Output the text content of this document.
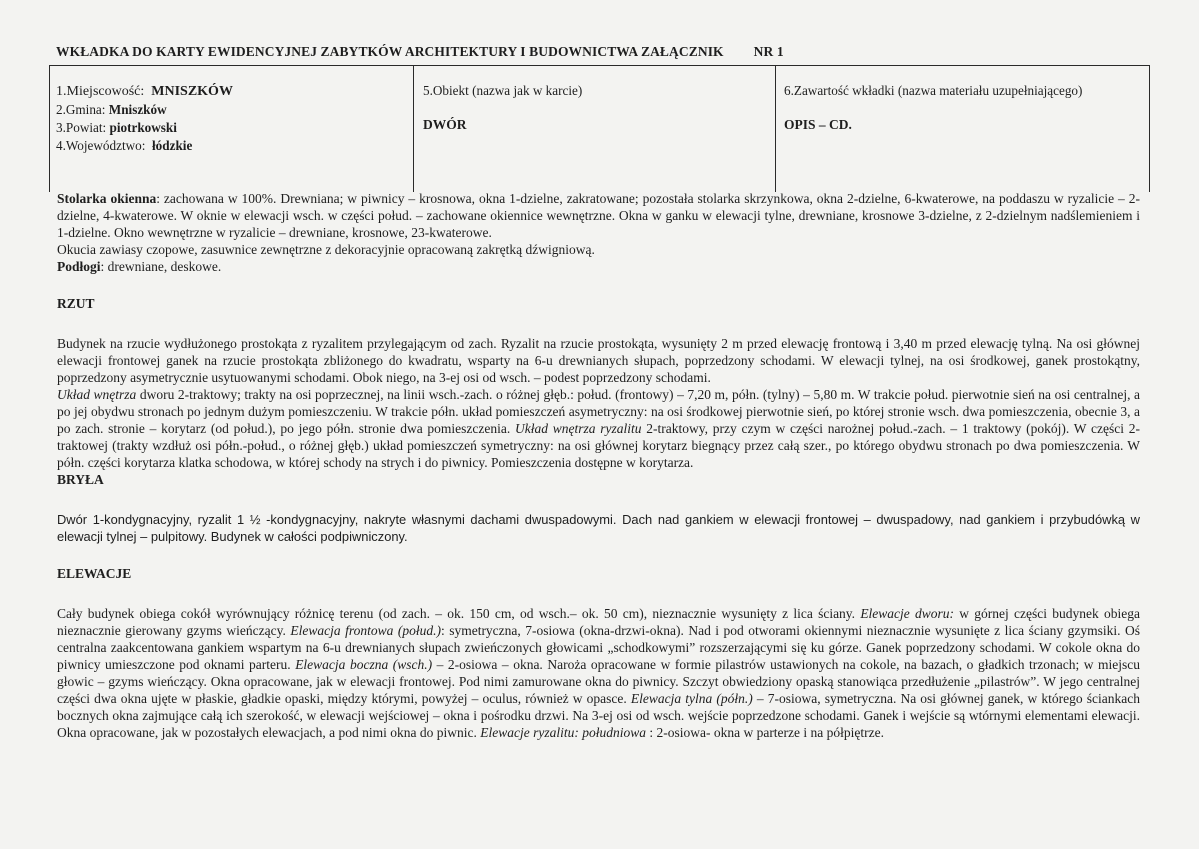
WKŁADKA DO KARTY EWIDENCYJNEJ ZABYTKÓW ARCHITEKTURY I BUDOWNICTWA ZAŁĄCZNIK NR 1
1.Miejscowość: MNISZKÓW
2.Gmina: Mniszków
3.Powiat: piotrkowski
4.Województwo: łódzkie
5.Obiekt (nazwa jak w karcie)
DWÓR
6.Zawartość wkładki (nazwa materiału uzupełniającego)
OPIS – CD.

Stolarka okienna: zachowana w 100%. Drewniana; w piwnicy – krosnowa, okna 1-dzielne, zakratowane; pozostała stolarka skrzynkowa, okna 2-dzielne, 6-kwaterowe, na poddaszu w ryzalicie – 2-dzielne, 4-kwaterowe. W oknie w elewacji wsch. w części połud. – zachowane okiennice wewnętrzne. Okna w ganku w elewacji tylne, drewniane, krosnowe 3-dzielne, z 2-dzielnym nadślemieniem i 1-dzielne. Okno wewnętrzne w ryzalicie – drewniane, krosnowe, 23-kwaterowe.

Okucia zawiasy czopowe, zasuwnice zewnętrzne z dekoracyjnie opracowaną zakrętką dźwigniową.

Podłogi: drewniane, deskowe.

RZUT

Budynek na rzucie wydłużonego prostokąta z ryzalitem przylegającym od zach. Ryzalit na rzucie prostokąta, wysunięty 2 m przed elewację frontową i 3,40 m przed elewację tylną. Na osi głównej elewacji frontowej ganek na rzucie prostokąta zbliżonego do kwadratu, wsparty na 6-u drewnianych słupach, poprzedzony schodami. W elewacji tylnej, na osi środkowej, ganek prostokątny, poprzedzony asymetrycznie usytuowanymi schodami. Obok niego, na 3-ej osi od wsch. – podest poprzedzony schodami.

Układ wnętrza dworu 2-traktowy; trakty na osi poprzecznej, na linii wsch.-zach. o różnej głęb.: połud. (frontowy) – 7,20 m, półn. (tylny) – 5,80 m. W trakcie połud. pierwotnie sień na osi centralnej, a po jej obydwu stronach po jednym dużym pomieszczeniu. W trakcie półn. układ pomieszczeń asymetryczny: na osi środkowej pierwotnie sień, po której stronie wsch. dwa pomieszczenia, obecnie 3, a po zach. stronie – korytarz (od połud.), po jego półn. stronie dwa pomieszczenia. Układ wnętrza ryzalitu 2-traktowy, przy czym w części narożnej połud.-zach. – 1 traktowy (pokój). W części 2- traktowej (trakty wzdłuż osi półn.-połud., o różnej głęb.) układ pomieszczeń symetryczny: na osi głównej korytarz biegnący przez całą szer., po którego obydwu stronach po dwa pomieszczenia. W półn. części korytarza klatka schodowa, w której schody na strych i do piwnicy. Pomieszczenia dostępne w korytarza.

BRYŁA

Dwór 1-kondygnacyjny, ryzalit 1 ½ -kondygnacyjny, nakryte własnymi dachami dwuspadowymi. Dach nad gankiem w elewacji frontowej – dwuspadowy, nad gankiem i przybudówką w elewacji tylnej – pulpitowy. Budynek w całości podpiwniczony.

ELEWACJE

Cały budynek obiega cokół wyrównujący różnicę terenu (od zach. – ok. 150 cm, od wsch.– ok. 50 cm), nieznacznie wysunięty z lica ściany. Elewacje dworu: w górnej części budynek obiega nieznacznie gierowany gzyms wieńczący. Elewacja frontowa (połud.): symetryczna, 7-osiowa (okna-drzwi-okna). Nad i pod otworami okiennymi nieznacznie wysunięte z lica ściany gzymsiki. Oś centralna zaakcentowana gankiem wspartym na 6-u drewnianych słupach zwieńczonych głowicami „schodkowymi” rozszerzającymi się ku górze. Ganek poprzedzony schodami. W cokole okna do piwnicy umieszczone pod oknami parteru. Elewacja boczna (wsch.) – 2-osiowa – okna. Naroża opracowane w formie pilastrów ustawionych na cokole, na bazach, o gładkich trzonach; w miejscu głowic – gzyms wieńczący. Okna opracowane, jak w elewacji frontowej. Pod nimi zamurowane okna do piwnicy. Szczyt obwiedziony opaską stanowiąca przedłużenie „pilastrów”. W jego centralnej części dwa okna ujęte w płaskie, gładkie opaski, między którymi, powyżej – oculus, również w opasce. Elewacja tylna (półn.) – 7-osiowa, symetryczna. Na osi głównej ganek, w którego ściankach bocznych okna zajmujące całą ich szerokość, w elewacji wejściowej – okna i pośrodku drzwi. Na 3-ej osi od wsch. wejście poprzedzone schodami. Ganek i wejście są wtórnymi elementami elewacji. Okna opracowane, jak w pozostałych elewacjach, a pod nimi okna do piwnic. Elewacje ryzalitu: południowa : 2-osiowa- okna w parterze i na półpiętrze.
